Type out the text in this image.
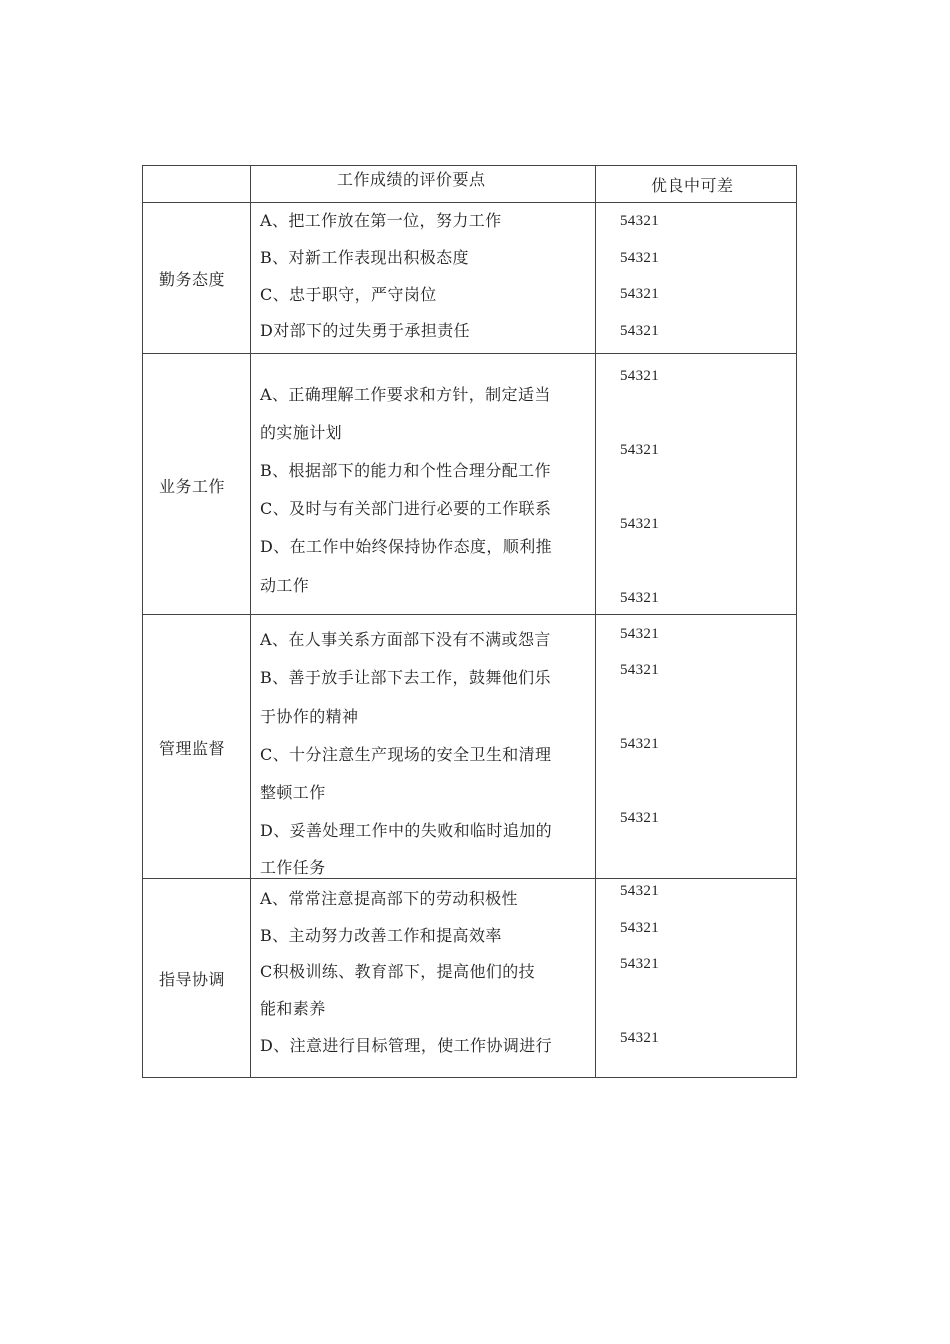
工作成绩的评价要点	优良中可差
勤务态度
A、把工作放在第一位，努力工作
B、对新工作表现出积极态度
C、忠于职守，严守岗位
D对部下的过失勇于承担责任
54321
54321
54321
54321
业务工作
A、正确理解工作要求和方针，制定适当
的实施计划
B、根据部下的能力和个性合理分配工作
C、及时与有关部门进行必要的工作联系
D、在工作中始终保持协作态度，顺利推
动工作
54321
54321
54321
54321
管理监督
A、在人事关系方面部下没有不满或怨言
B、善于放手让部下去工作，鼓舞他们乐
于协作的精神
C、十分注意生产现场的安全卫生和清理
整顿工作
D、妥善处理工作中的失败和临时追加的
工作任务
54321
54321
54321
54321
指导协调
A、常常注意提高部下的劳动积极性
B、主动努力改善工作和提高效率
C积极训练、教育部下，提高他们的技
能和素养
D、注意进行目标管理，使工作协调进行
54321
54321
54321
54321
